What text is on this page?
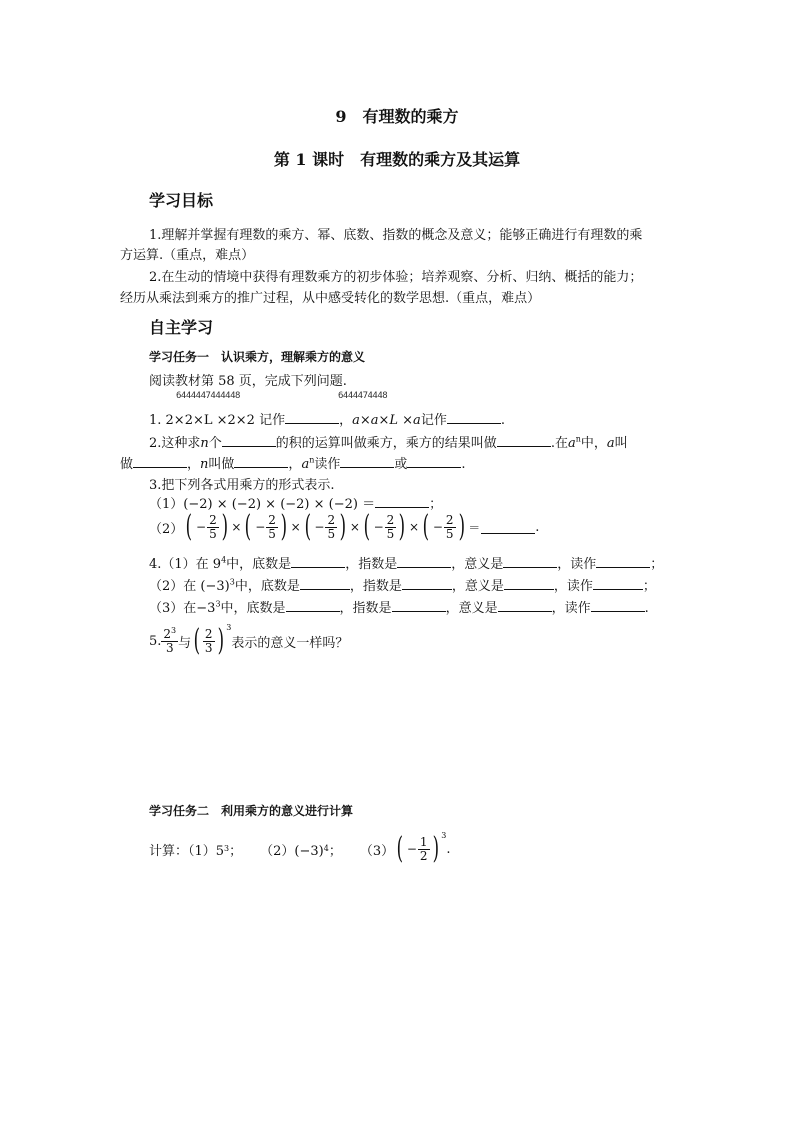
9　有理数的乘方
第 1 课时　有理数的乘方及其运算
学习目标
1.理解并掌握有理数的乘方、幂、底数、指数的概念及意义；能够正确进行有理数的乘
方运算.（重点，难点）
2.在生动的情境中获得有理数乘方的初步体验；培养观察、分析、归纳、概括的能力；
经历从乘法到乘方的推广过程，从中感受转化的数学思想.（重点，难点）
自主学习
学习任务一　认识乘方，理解乘方的意义
阅读教材第 58 页，完成下列问题.
6444447444448	6444474448
1. 2×2×L ×2×2 记作	，a×a×L ×a记作	.
2.这种求n个	的积的运算叫做乘方，乘方的结果叫做	.在$a^n$中，a叫
做	，n叫做	，$a^n$读作	或	.
3.把下列各式用乘方的形式表示.
（1）(−2) × (−2) × (−2) × (−2) ＝	；
（2） ( − $\frac{2}{5}$ ) × ( − $\frac{2}{5}$ ) × ( − $\frac{2}{5}$ ) × ( − $\frac{2}{5}$ ) × ( − $\frac{2}{5}$ ) ＝	.
4.（1）在 $9^4$中，底数是	，指数是	，意义是	，读作	；
（2）在 $(-3)^3$中，底数是	，指数是	，意义是	，读作	；
（3）在$-3^3$中，底数是	，指数是	，意义是	，读作	.
5. $\frac{2^3}{3}$ 与 ( $\frac{2}{3}$ ) 3
表示的意义一样吗？
学习任务二　利用乘方的意义进行计算
计算：（1）5 3 ； （2）(−3) 4 ； （3） ( − $\frac{1}{2}$ ) 3
.
